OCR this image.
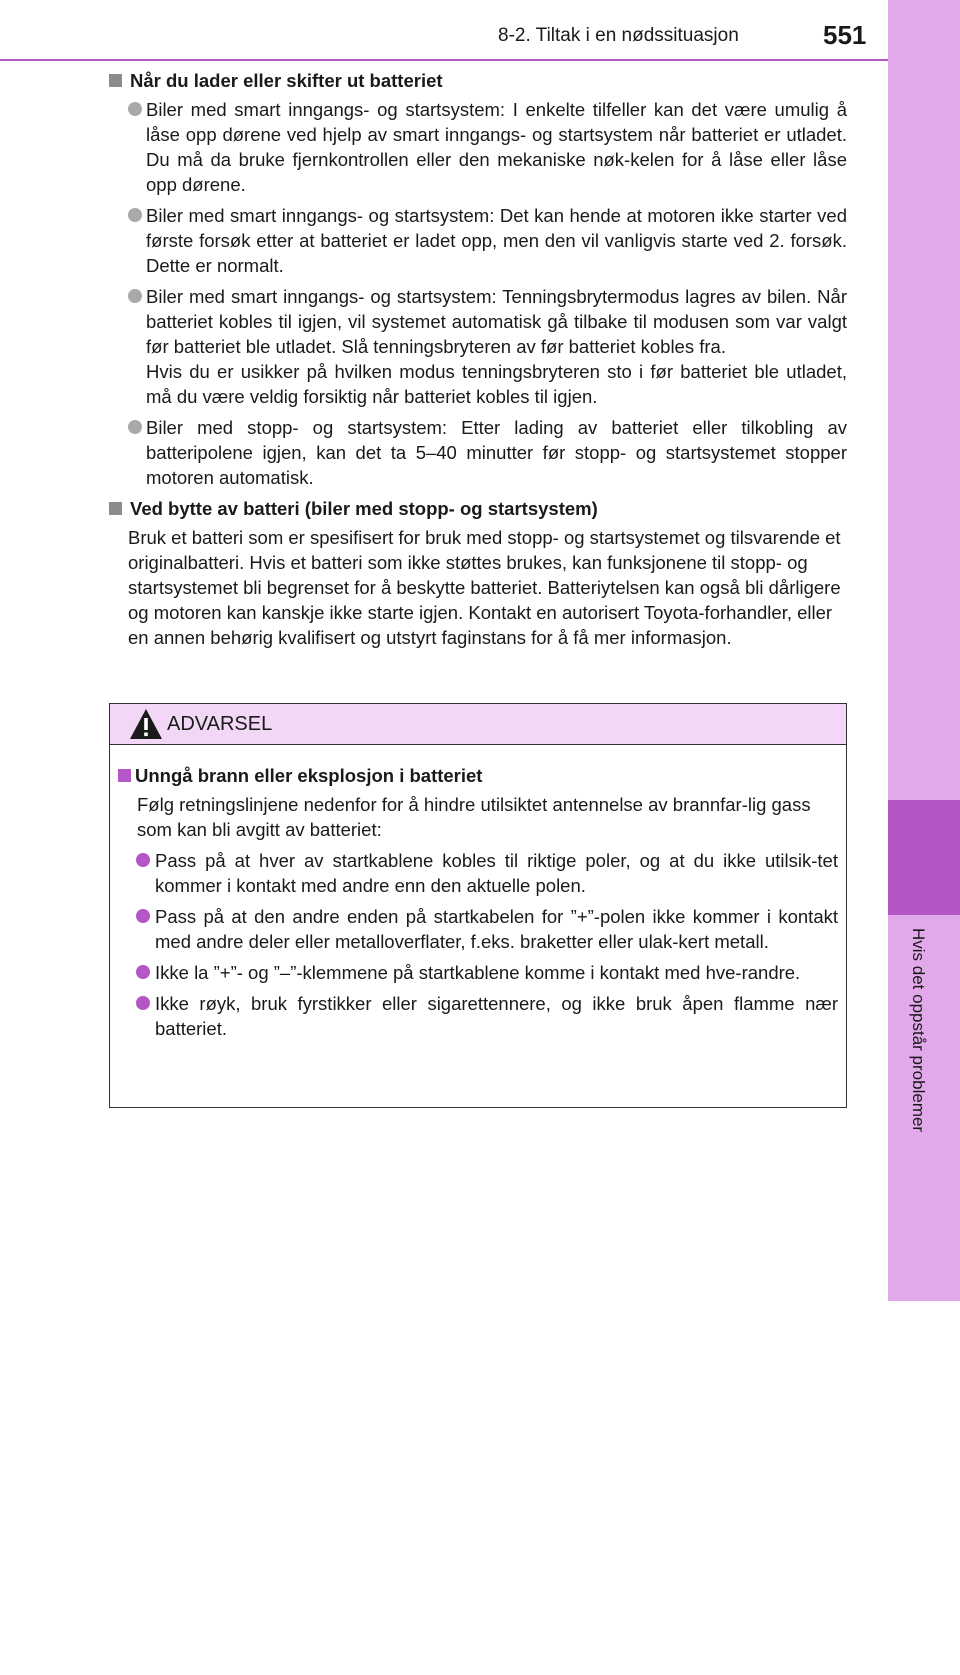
8
Hvis det oppstår problemer
8-2. Tiltak i en nødssituasjon	551
Når du lader eller skifter ut batteriet
Biler med smart inngangs- og startsystem: I enkelte tilfeller kan det være umulig å låse opp dørene ved hjelp av smart inngangs- og startsystem når batteriet er utladet. Du må da bruke fjernkontrollen eller den mekaniske nøk-kelen for å låse eller låse opp dørene.
Biler med smart inngangs- og startsystem: Det kan hende at motoren ikke starter ved første forsøk etter at batteriet er ladet opp, men den vil vanligvis starte ved 2. forsøk. Dette er normalt.
Biler med smart inngangs- og startsystem: Tenningsbrytermodus lagres av bilen. Når batteriet kobles til igjen, vil systemet automatisk gå tilbake til modusen som var valgt før batteriet ble utladet. Slå tenningsbryteren av før batteriet kobles fra.
Hvis du er usikker på hvilken modus tenningsbryteren sto i før batteriet ble utladet, må du være veldig forsiktig når batteriet kobles til igjen.
Biler med stopp- og startsystem: Etter lading av batteriet eller tilkobling av batteripolene igjen, kan det ta 5–40 minutter før stopp- og startsystemet stopper motoren automatisk.
Ved bytte av batteri (biler med stopp- og startsystem)
Bruk et batteri som er spesifisert for bruk med stopp- og startsystemet og tilsvarende et originalbatteri. Hvis et batteri som ikke støttes brukes, kan funksjonene til stopp- og startsystemet bli begrenset for å beskytte batteriet. Batteriytelsen kan også bli dårligere og motoren kan kanskje ikke starte igjen. Kontakt en autorisert Toyota-forhandler, eller en annen behørig kvalifisert og utstyrt faginstans for å få mer informasjon.
ADVARSEL
Unngå brann eller eksplosjon i batteriet
Følg retningslinjene nedenfor for å hindre utilsiktet antennelse av brannfar-lig gass som kan bli avgitt av batteriet:
Pass på at hver av startkablene kobles til riktige poler, og at du ikke utilsik-tet kommer i kontakt med andre enn den aktuelle polen.
Pass på at den andre enden på startkabelen for ”+”-polen ikke kommer i kontakt med andre deler eller metalloverflater, f.eks. braketter eller ulak-kert metall.
Ikke la ”+”- og ”–”-klemmene på startkablene komme i kontakt med hve-randre.
Ikke røyk, bruk fyrstikker eller sigarettennere, og ikke bruk åpen flamme nær batteriet.
